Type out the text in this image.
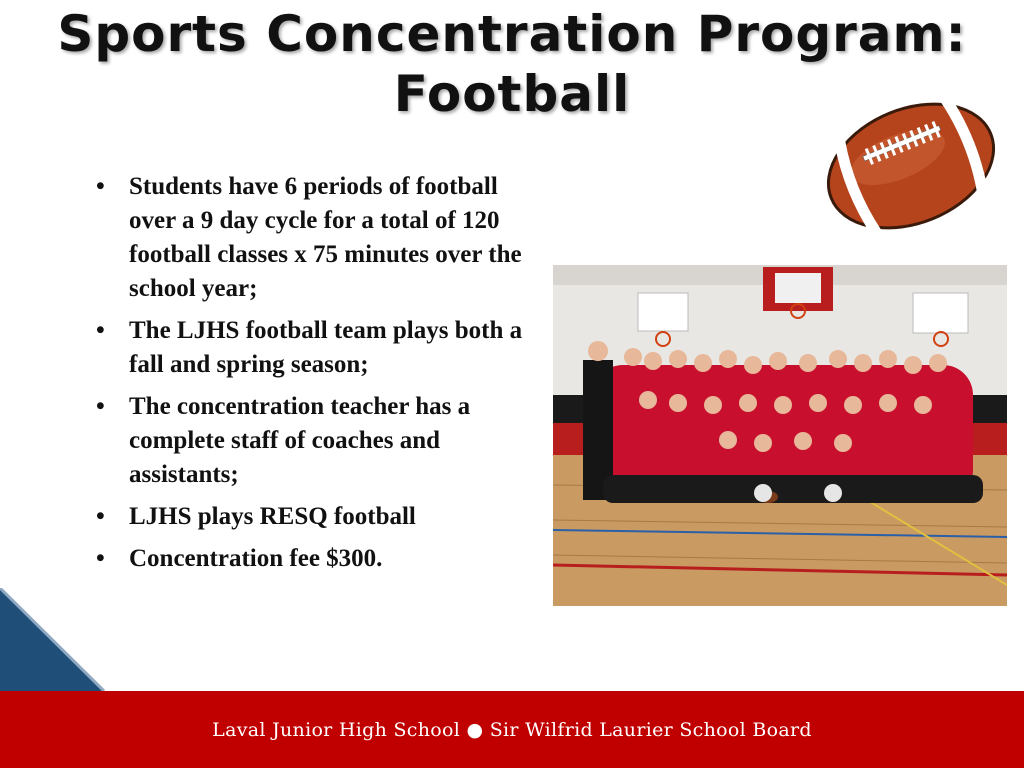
Sports Concentration Program:
Football
• Students have 6 periods of football over a 9 day cycle for a total of 120 football classes x 75 minutes over the school year;
• The LJHS football team plays both a fall and spring season;
• The concentration teacher has a complete staff of coaches and assistants;
• LJHS plays RESQ football
• Concentration fee $300.
Laval Junior High School ● Sir Wilfrid Laurier School Board
